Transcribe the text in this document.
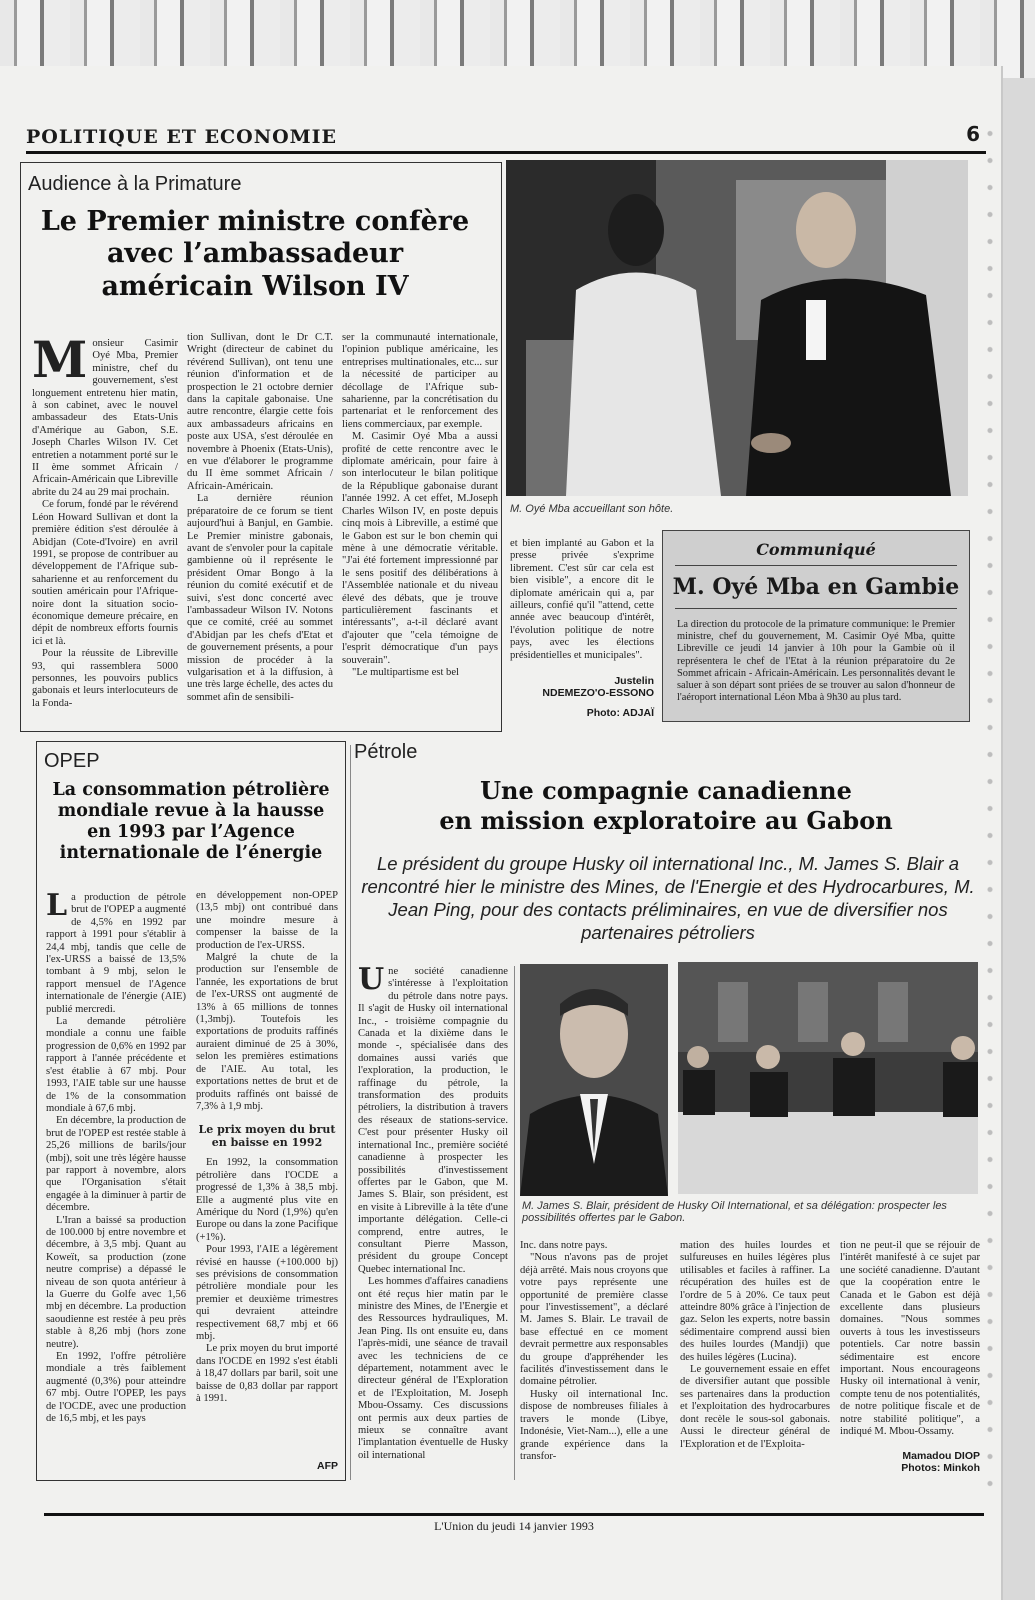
POLITIQUE ET ECONOMIE	6
Audience à la Primature
Le Premier ministre confère
avec l’ambassadeur
américain Wilson IV
M onsieur Casimir Oyé Mba, Premier ministre, chef du gouvernement, s'est longuement entretenu hier matin, à son cabinet, avec le nouvel ambassadeur des Etats-Unis d'Amérique au Gabon, S.E. Joseph Charles Wilson IV. Cet entretien a notamment porté sur le II ème sommet Africain / Africain-Américain que Libreville abrite du 24 au 29 mai prochain.

Ce forum, fondé par le révérend Léon Howard Sullivan et dont la première édition s'est déroulée à Abidjan (Cote-d'Ivoire) en avril 1991, se propose de contribuer au développement de l'Afrique sub-saharienne et au renforcement du soutien américain pour l'Afrique-noire dont la situation socio-économique demeure précaire, en dépit de nombreux efforts fournis ici et là.

Pour la réussite de Libreville 93, qui rassemblera 5000 personnes, les pouvoirs publics gabonais et leurs interlocuteurs de la Fonda-

tion Sullivan, dont le Dr C.T. Wright (directeur de cabinet du révérend Sullivan), ont tenu une réunion d'information et de prospection le 21 octobre dernier dans la capitale gabonaise. Une autre rencontre, élargie cette fois aux ambassadeurs africains en poste aux USA, s'est déroulée en novembre à Phoenix (Etats-Unis), en vue d'élaborer le programme du II ème sommet Africain / Africain-Américain.

La dernière réunion préparatoire de ce forum se tient aujourd'hui à Banjul, en Gambie. Le Premier ministre gabonais, avant de s'envoler pour la capitale gambienne où il représente le président Omar Bongo à la réunion du comité exécutif et de suivi, s'est donc concerté avec l'ambassadeur Wilson IV. Notons que ce comité, créé au sommet d'Abidjan par les chefs d'Etat et de gouvernement présents, a pour mission de procéder à la vulgarisation et à la diffusion, à une très large échelle, des actes du sommet afin de sensibili-

ser la communauté internationale, l'opinion publique américaine, les entreprises multinationales, etc... sur la nécessité de participer au décollage de l'Afrique sub-saharienne, par la concrétisation du partenariat et le renforcement des liens commerciaux, par exemple.

M. Casimir Oyé Mba a aussi profité de cette rencontre avec le diplomate américain, pour faire à son interlocuteur le bilan politique de la République gabonaise durant l'année 1992. A cet effet, M.Joseph Charles Wilson IV, en poste depuis cinq mois à Libreville, a estimé que le Gabon est sur le bon chemin qui mène à une démocratie véritable. "J'ai été fortement impressionné par le sens positif des délibérations à l'Assemblée nationale et du niveau élevé des débats, que je trouve particulièrement fascinants et intéressants", a-t-il déclaré avant d'ajouter que "cela témoigne de l'esprit démocratique d'un pays souverain".

"Le multipartisme est bel

M. Oyé Mba accueillant son hôte.

et bien implanté au Gabon et la presse privée s'exprime librement. C'est sûr car cela est bien visible", a encore dit le diplomate américain qui a, par ailleurs, confié qu'il "attend, cette année avec beaucoup d'intérêt, l'évolution politique de notre pays, avec les élections présidentielles et municipales".

Justelin
NDEMEZO'O-ESSONO
Photo: ADJAÏ
Communiqué
M. Oyé Mba en Gambie
La direction du protocole de la primature communique: le Premier ministre, chef du gouvernement, M. Casimir Oyé Mba, quitte Libreville ce jeudi 14 janvier à 10h pour la Gambie où il représentera le chef de l'Etat à la réunion préparatoire du 2e Sommet africain - Africain-Américain. Les personnalités devant le saluer à son départ sont priées de se trouver au salon d'honneur de l'aéroport international Léon Mba à 9h30 au plus tard.
OPEP
La consommation pétrolière
mondiale revue à la hausse
en 1993 par l’Agence
internationale de l’énergie
L a production de pétrole brut de l'OPEP a augmenté de 4,5% en 1992 par rapport à 1991 pour s'établir à 24,4 mbj, tandis que celle de l'ex-URSS a baissé de 13,5% tombant à 9 mbj, selon le rapport mensuel de l'Agence internationale de l'énergie (AIE) publié mercredi.

La demande pétrolière mondiale a connu une faible progression de 0,6% en 1992 par rapport à l'année précédente et s'est établie à 67 mbj. Pour 1993, l'AIE table sur une hausse de 1% de la consommation mondiale à 67,6 mbj.

En décembre, la production de brut de l'OPEP est restée stable à 25,26 millions de barils/jour (mbj), soit une très légère hausse par rapport à novembre, alors que l'Organisation s'était engagée à la diminuer à partir de décembre.

L'Iran a baissé sa production de 100.000 bj entre novembre et décembre, à 3,5 mbj. Quant au Koweït, sa production (zone neutre comprise) a dépassé le niveau de son quota antérieur à la Guerre du Golfe avec 1,56 mbj en décembre. La production saoudienne est restée à peu près stable à 8,26 mbj (hors zone neutre).

En 1992, l'offre pétrolière mondiale a très faiblement augmenté (0,3%) pour atteindre 67 mbj. Outre l'OPEP, les pays de l'OCDE, avec une production de 16,5 mbj, et les pays

en développement non-OPEP (13,5 mbj) ont contribué dans une moindre mesure à compenser la baisse de la production de l'ex-URSS.

Malgré la chute de la production sur l'ensemble de l'année, les exportations de brut de l'ex-URSS ont augmenté de 13% à 65 millions de tonnes (1,3mbj). Toutefois les exportations de produits raffinés auraient diminué de 25 à 30%, selon les premières estimations de l'AIE. Au total, les exportations nettes de brut et de produits raffinés ont baissé de 7,3% à 1,9 mbj.

Le prix moyen du brut en baisse en 1992

En 1992, la consommation pétrolière dans l'OCDE a progressé de 1,3% à 38,5 mbj. Elle a augmenté plus vite en Amérique du Nord (1,9%) qu'en Europe ou dans la zone Pacifique (+1%).

Pour 1993, l'AIE a légèrement révisé en hausse (+100.000 bj) ses prévisions de consommation pétrolière mondiale pour les premier et deuxième trimestres qui devraient atteindre respectivement 68,7 mbj et 66 mbj.

Le prix moyen du brut importé dans l'OCDE en 1992 s'est établi à 18,47 dollars par baril, soit une baisse de 0,83 dollar par rapport à 1991.

AFP
Pétrole
Une compagnie canadienne
en mission exploratoire au Gabon
Le président du groupe Husky oil international Inc., M. James S. Blair a rencontré hier le ministre des Mines, de l'Energie et des Hydrocarbures, M. Jean Ping, pour des contacts préliminaires, en vue de diversifier nos partenaires pétroliers
U ne société canadienne s'intéresse à l'exploitation du pétrole dans notre pays. Il s'agit de Husky oil international Inc., - troisième compagnie du Canada et la dixième dans le monde -, spécialisée dans des domaines aussi variés que l'exploration, la production, le raffinage du pétrole, la transformation des produits pétroliers, la distribution à travers des réseaux de stations-service. C'est pour présenter Husky oil international Inc., première société canadienne à prospecter les possibilités d'investissement offertes par le Gabon, que M. James S. Blair, son président, est en visite à Libreville à la tête d'une importante délégation. Celle-ci comprend, entre autres, le consultant Pierre Masson, président du groupe Concept Quebec international Inc.

Les hommes d'affaires canadiens ont été reçus hier matin par le ministre des Mines, de l'Energie et des Ressources hydrauliques, M. Jean Ping. Ils ont ensuite eu, dans l'après-midi, une séance de travail avec les techniciens de ce département, notamment avec le directeur général de l'Exploration et de l'Exploitation, M. Joseph Mbou-Ossamy. Ces discussions ont permis aux deux parties de mieux se connaître avant l'implantation éventuelle de Husky oil international

M. James S. Blair, président de Husky Oil International, et sa délégation: prospecter les possibilités offertes par le Gabon.

Inc. dans notre pays.

"Nous n'avons pas de projet déjà arrêté. Mais nous croyons que votre pays représente une opportunité de première classe pour l'investissement", a déclaré M. James S. Blair. Le travail de base effectué en ce moment devrait permettre aux responsables du groupe d'appréhender les facilités d'investissement dans le domaine pétrolier.

Husky oil international Inc. dispose de nombreuses filiales à travers le monde (Libye, Indonésie, Viet-Nam...), elle a une grande expérience dans la transfor-

mation des huiles lourdes et sulfureuses en huiles légères plus utilisables et faciles à raffiner. La récupération des huiles est de l'ordre de 5 à 20%. Ce taux peut atteindre 80% grâce à l'injection de gaz. Selon les experts, notre bassin sédimentaire comprend aussi bien des huiles lourdes (Mandji) que des huiles légères (Lucina).

Le gouvernement essaie en effet de diversifier autant que possible ses partenaires dans la production et l'exploitation des hydrocarbures dont recèle le sous-sol gabonais. Aussi le directeur général de l'Exploration et de l'Exploita-

tion ne peut-il que se réjouir de l'intérêt manifesté à ce sujet par une société canadienne. D'autant que la coopération entre le Canada et le Gabon est déjà excellente dans plusieurs domaines. "Nous sommes ouverts à tous les investisseurs potentiels. Car notre bassin sédimentaire est encore important. Nous encourageons Husky oil international à venir, compte tenu de nos potentialités, de notre politique fiscale et de notre stabilité politique", a indiqué M. Mbou-Ossamy.

Mamadou DIOP
Photos: Minkoh
L'Union du jeudi 14 janvier 1993
